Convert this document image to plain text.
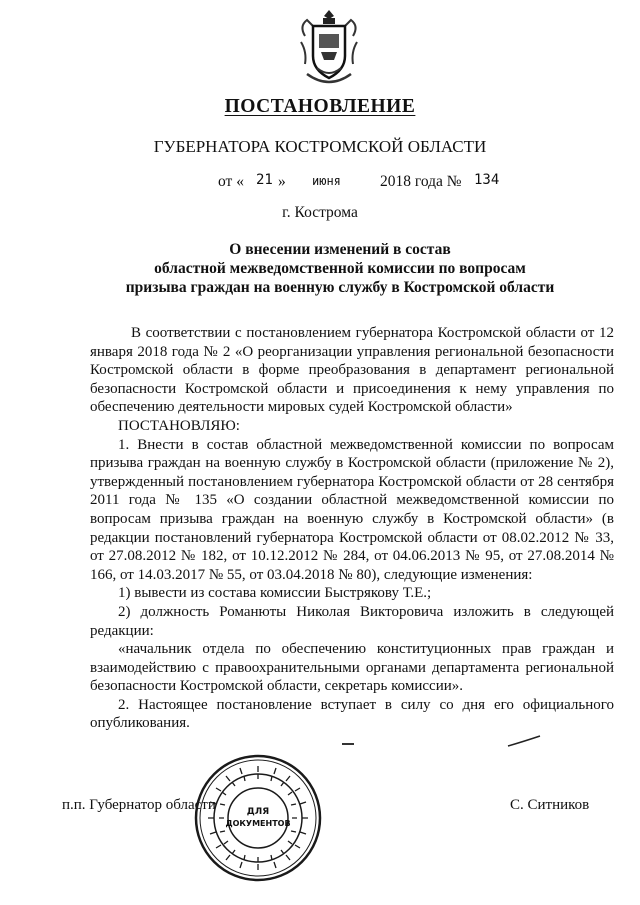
ПОСТАНОВЛЕНИЕ
ГУБЕРНАТОРА КОСТРОМСКОЙ ОБЛАСТИ
от « 21 » июня	2018 года № 134
г. Кострома
О внесении изменений в состав
областной межведомственной комиссии по вопросам
призыва граждан на военную службу в Костромской области

В соответствии с постановлением губернатора Костромской области от 12 января 2018 года № 2 «О реорганизации управления региональной безопасности Костромской области в форме преобразования в департамент региональной безопасности Костромской области и присоединения к нему управления по обеспечению деятельности мировых судей Костромской области»

ПОСТАНОВЛЯЮ:

1. Внести в состав областной межведомственной комиссии по вопросам призыва граждан на военную службу в Костромской области (приложение № 2), утвержденный постановлением губернатора Костромской области от 28 сентября 2011 года № 135 «О создании областной межведомственной комиссии по вопросам призыва граждан на военную службу в Костромской области» (в редакции постановлений губернатора Костромской области от 08.02.2012 № 33, от 27.08.2012 № 182, от 10.12.2012 № 284, от 04.06.2013 № 95, от 27.08.2014 № 166, от 14.03.2017 № 55, от 03.04.2018 № 80), следующие изменения:

1) вывести из состава комиссии Быстрякову Т.Е.;

2) должность Романюты Николая Викторовича изложить в следующей редакции:

«начальник отдела по обеспечению конституционных прав граждан и взаимодействию с правоохранительными органами департамента региональной безопасности Костромской области, секретарь комиссии».

2. Настоящее постановление вступает в силу со дня его официального опубликования.

п.п. Губернатор области	С. Ситников
ДЛЯ
ДОКУМЕНТОВ
